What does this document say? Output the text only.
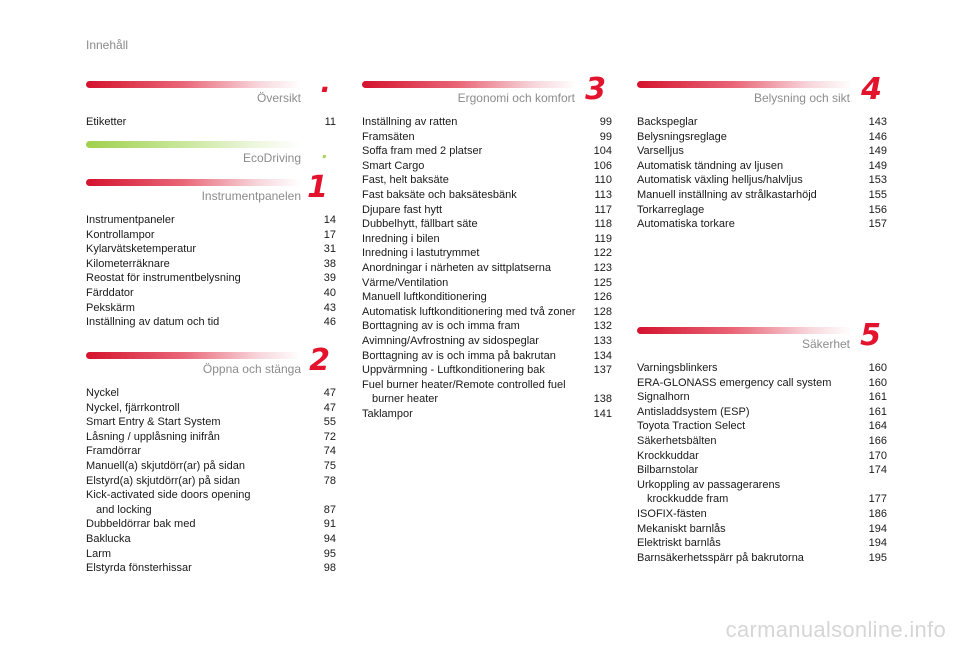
Innehåll
Översikt .
Etiketter	11
EcoDriving .
Instrumentpanelen 1
Instrumentpaneler	14
Kontrollampor	17
Kylarvätsketemperatur	31
Kilometerräknare	38
Reostat för instrumentbelysning	39
Färddator	40
Pekskärm	43
Inställning av datum och tid	46
Öppna och stänga 2
Nyckel	47
Nyckel, fjärrkontroll	47
Smart Entry & Start System	55
Låsning / upplåsning inifrån	72
Framdörrar	74
Manuell(a) skjutdörr(ar) på sidan	75
Elstyrd(a) skjutdörr(ar) på sidan	78
Kick-activated side doors opening
and locking	87
Dubbeldörrar bak med	91
Baklucka	94
Larm	95
Elstyrda fönsterhissar	98
Ergonomi och komfort 3
Inställning av ratten	99
Framsäten	99
Soffa fram med 2 platser	104
Smart Cargo	106
Fast, helt baksäte	110
Fast baksäte och baksätesbänk	113
Djupare fast hytt	117
Dubbelhytt, fällbart säte	118
Inredning i bilen	119
Inredning i lastutrymmet	122
Anordningar i närheten av sittplatserna	123
Värme/Ventilation	125
Manuell luftkonditionering	126
Automatisk luftkonditionering med två zoner 128
Borttagning av is och imma fram	132
Avimning/Avfrostning av sidospeglar	133
Borttagning av is och imma på bakrutan	134
Uppvärmning - Luftkonditionering bak	137
Fuel burner heater/Remote controlled fuel
burner heater	138
Taklampor	141
Belysning och sikt 4
Backspeglar	143
Belysningsreglage	146
Varselljus	149
Automatisk tändning av ljusen	149
Automatisk växling helljus/halvljus	153
Manuell inställning av strålkastarhöjd	155
Torkarreglage	156
Automatiska torkare	157
Säkerhet 5
Varningsblinkers	160
ERA-GLONASS emergency call system	160
Signalhorn	161
Antisladdsystem (ESP)	161
Toyota Traction Select	164
Säkerhetsbälten	166
Krockkuddar	170
Bilbarnstolar	174
Urkoppling av passagerarens
krockkudde fram	177
ISOFIX-fästen	186
Mekaniskt barnlås	194
Elektriskt barnlås	194
Barnsäkerhetsspärr på bakrutorna	195
carmanualsonline.info
